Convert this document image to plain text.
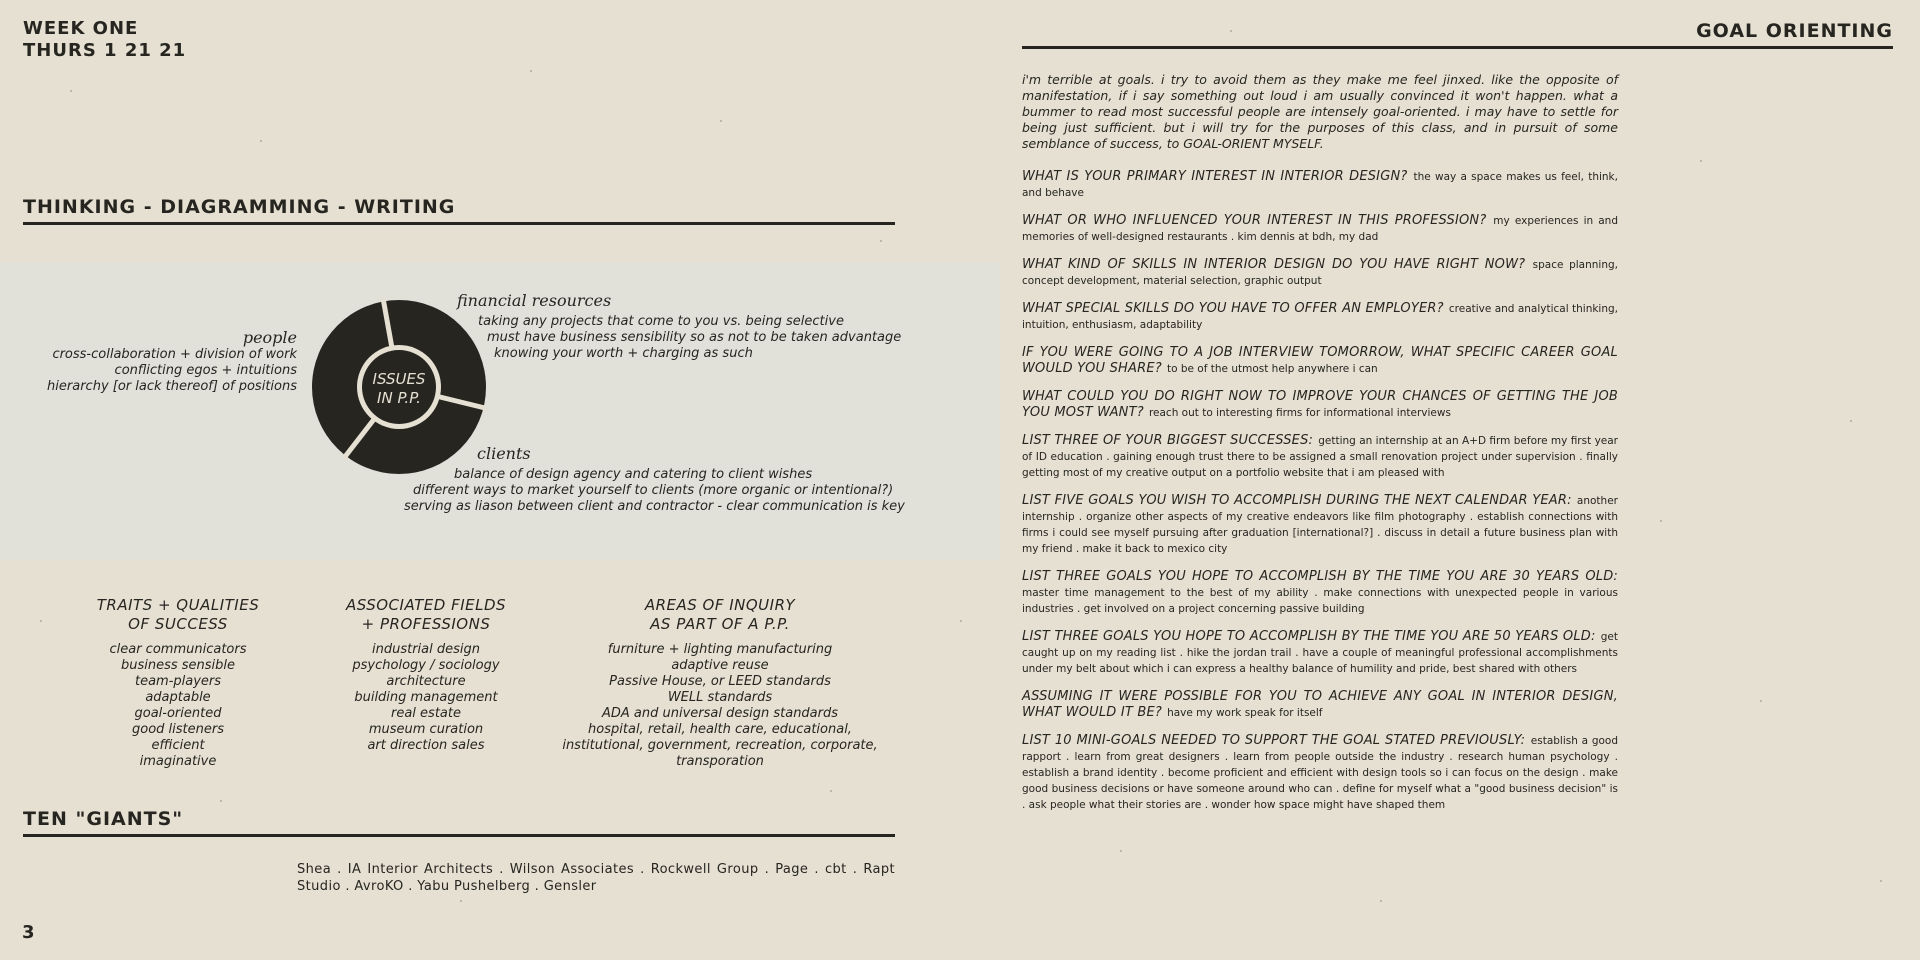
WEEK ONE
THURS 1 21 21
THINKING - DIAGRAMMING - WRITING
ISSUES
IN P.P.
people
cross-collaboration + division of work
conflicting egos + intuitions
hierarchy [or lack thereof] of positions
financial resources
taking any projects that come to you vs. being selective
must have business sensibility so as not to be taken advantage
knowing your worth + charging as such
clients
balance of design agency and catering to client wishes
different ways to market yourself to clients (more organic or intentional?)
serving as liason between client and contractor - clear communication is key
TRAITS + QUALITIES
OF SUCCESS
clear communicators
business sensible
team-players
adaptable
goal-oriented
good listeners
efficient
imaginative
ASSOCIATED FIELDS
+ PROFESSIONS
industrial design
psychology / sociology
architecture
building management
real estate
museum curation
art direction sales
AREAS OF INQUIRY
AS PART OF A P.P.
furniture + lighting manufacturing
adaptive reuse
Passive House, or LEED standards
WELL standards
ADA and universal design standards
hospital, retail, health care, educational,
institutional, government, recreation, corporate,
transporation
TEN "GIANTS"
Shea . IA Interior Architects . Wilson Associates . Rockwell Group . Page . cbt . Rapt Studio . AvroKO . Yabu Pushelberg . Gensler
3
GOAL ORIENTING

i'm terrible at goals. i try to avoid them as they make me feel jinxed. like the opposite of manifestation, if i say something out loud i am usually convinced it won't happen. what a bummer to read most successful people are intensely goal-oriented. i may have to settle for being just sufficient. but i will try for the purposes of this class, and in pursuit of some semblance of success, to GOAL-ORIENT MYSELF.

WHAT IS YOUR PRIMARY INTEREST IN INTERIOR DESIGN? the way a space makes us feel, think, and behave
WHAT OR WHO INFLUENCED YOUR INTEREST IN THIS PROFESSION? my experiences in and memories of well-designed restaurants . kim dennis at bdh, my dad
WHAT KIND OF SKILLS IN INTERIOR DESIGN DO YOU HAVE RIGHT NOW? space planning, concept development, material selection, graphic output
WHAT SPECIAL SKILLS DO YOU HAVE TO OFFER AN EMPLOYER? creative and analytical thinking, intuition, enthusiasm, adaptability
IF YOU WERE GOING TO A JOB INTERVIEW TOMORROW, WHAT SPECIFIC CAREER GOAL WOULD YOU SHARE? to be of the utmost help anywhere i can
WHAT COULD YOU DO RIGHT NOW TO IMPROVE YOUR CHANCES OF GETTING THE JOB YOU MOST WANT? reach out to interesting firms for informational interviews
LIST THREE OF YOUR BIGGEST SUCCESSES: getting an internship at an A+D firm before my first year of ID education . gaining enough trust there to be assigned a small renovation project under supervision . finally getting most of my creative output on a portfolio website that i am pleased with
LIST FIVE GOALS YOU WISH TO ACCOMPLISH DURING THE NEXT CALENDAR YEAR: another internship . organize other aspects of my creative endeavors like film photography . establish connections with firms i could see myself pursuing after graduation [international?] . discuss in detail a future business plan with my friend . make it back to mexico city
LIST THREE GOALS YOU HOPE TO ACCOMPLISH BY THE TIME YOU ARE 30 YEARS OLD: master time management to the best of my ability . make connections with unexpected people in various industries . get involved on a project concerning passive building
LIST THREE GOALS YOU HOPE TO ACCOMPLISH BY THE TIME YOU ARE 50 YEARS OLD: get caught up on my reading list . hike the jordan trail . have a couple of meaningful professional accomplishments under my belt about which i can express a healthy balance of humility and pride, best shared with others
ASSUMING IT WERE POSSIBLE FOR YOU TO ACHIEVE ANY GOAL IN INTERIOR DESIGN, WHAT WOULD IT BE? have my work speak for itself
LIST 10 MINI-GOALS NEEDED TO SUPPORT THE GOAL STATED PREVIOUSLY: establish a good rapport . learn from great designers . learn from people outside the industry . research human psychology . establish a brand identity . become proficient and efficient with design tools so i can focus on the design . make good business decisions or have someone around who can . define for myself what a "good business decision" is . ask people what their stories are . wonder how space might have shaped them
